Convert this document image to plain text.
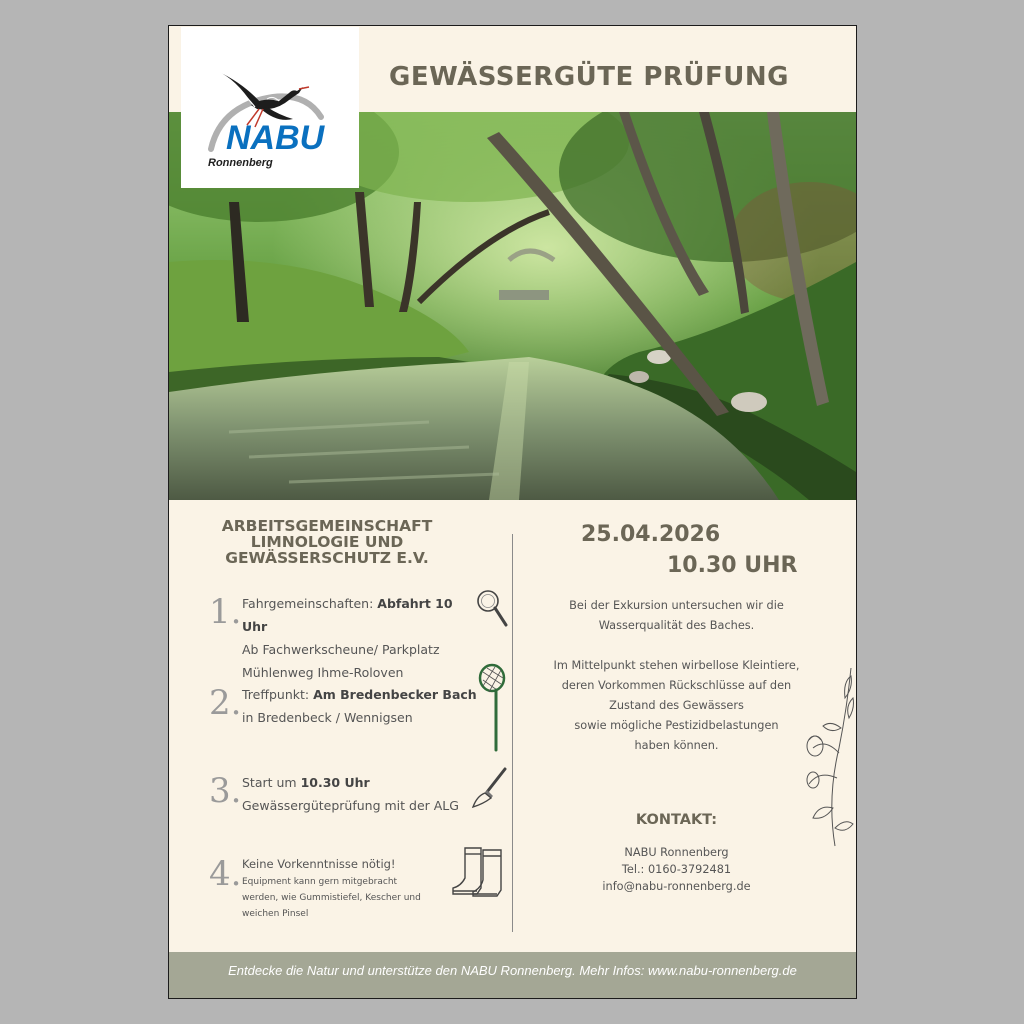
NABU
Ronnenberg
GEWÄSSERGÜTE PRÜFUNG
ARBEITSGEMEINSCHAFT
LIMNOLOGIE UND
GEWÄSSERSCHUTZ E.V.
1. Fahrgemeinschaften: Abfahrt 10 Uhr
Ab Fachwerkscheune/ Parkplatz
Mühlenweg Ihme-Roloven
2. Treffpunkt: Am Bredenbecker Bach
in Bredenbeck / Wennigsen
3. Start um 10.30 Uhr
Gewässergüteprüfung mit der ALG
4. Keine Vorkenntnisse nötig!
Equipment kann gern mitgebracht
werden, wie Gummistiefel, Kescher und
weichen Pinsel
25.04.2026
10.30 UHR

Bei der Exkursion untersuchen wir die
Wasserqualität des Baches.

Im Mittelpunkt stehen wirbellose Kleintiere,
deren Vorkommen Rückschlüsse auf den
Zustand des Gewässers
sowie mögliche Pestizidbelastungen
haben können.

KONTAKT:
NABU Ronnenberg
Tel.: 0160-3792481
info@nabu-ronnenberg.de
Entdecke die Natur und unterstütze den NABU Ronnenberg. Mehr Infos: www.nabu-ronnenberg.de
